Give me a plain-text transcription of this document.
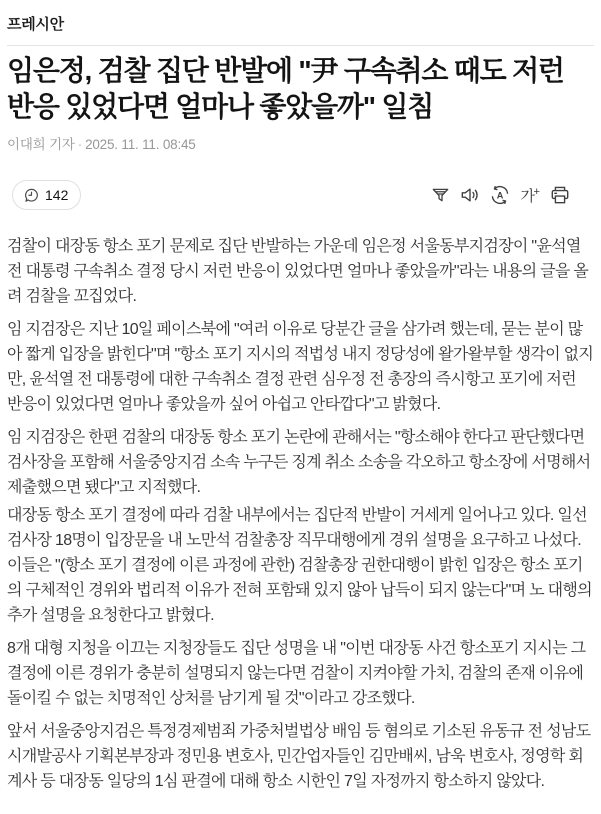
프레시안
임은정, 검찰 집단 반발에 "尹 구속취소 때도 저런 반응 있었다면 얼마나 좋았을까" 일침
이대희 기자 · 2025. 11. 11. 08:45
142	A 가+

검찰이 대장동 항소 포기 문제로 집단 반발하는 가운데 임은정 서울동부지검장이 "윤석열 전 대통령 구속취소 결정 당시 저런 반응이 있었다면 얼마나 좋았을까"라는 내용의 글을 올려 검찰을 꼬집었다.

임 지검장은 지난 10일 페이스북에 "여러 이유로 당분간 글을 삼가려 했는데, 묻는 분이 많아 짧게 입장을 밝힌다"며 "항소 포기 지시의 적법성 내지 정당성에 왈가왈부할 생각이 없지만, 윤석열 전 대통령에 대한 구속취소 결정 관련 심우정 전 총장의 즉시항고 포기에 저런 반응이 있었다면 얼마나 좋았을까 싶어 아쉽고 안타깝다"고 밝혔다.

임 지검장은 한편 검찰의 대장동 항소 포기 논란에 관해서는 "항소해야 한다고 판단했다면 검사장을 포함해 서울중앙지검 소속 누구든 징계 취소 소송을 각오하고 항소장에 서명해서 제출했으면 됐다"고 지적했다.

대장동 항소 포기 결정에 따라 검찰 내부에서는 집단적 반발이 거세게 일어나고 있다. 일선 검사장 18명이 입장문을 내 노만석 검찰총장 직무대행에게 경위 설명을 요구하고 나섰다. 이들은 "(항소 포기 결정에 이른 과정에 관한) 검찰총장 권한대행이 밝힌 입장은 항소 포기의 구체적인 경위와 법리적 이유가 전혀 포함돼 있지 않아 납득이 되지 않는다"며 노 대행의 추가 설명을 요청한다고 밝혔다.

8개 대형 지청을 이끄는 지청장들도 집단 성명을 내 "이번 대장동 사건 항소포기 지시는 그 결정에 이른 경위가 충분히 설명되지 않는다면 검찰이 지켜야할 가치, 검찰의 존재 이유에 돌이킬 수 없는 치명적인 상처를 남기게 될 것"이라고 강조했다.

앞서 서울중앙지검은 특정경제범죄 가중처벌법상 배임 등 혐의로 기소된 유동규 전 성남도시개발공사 기획본부장과 정민용 변호사, 민간업자들인 김만배씨, 남욱 변호사, 정영학 회계사 등 대장동 일당의 1심 판결에 대해 항소 시한인 7일 자정까지 항소하지 않았다.
